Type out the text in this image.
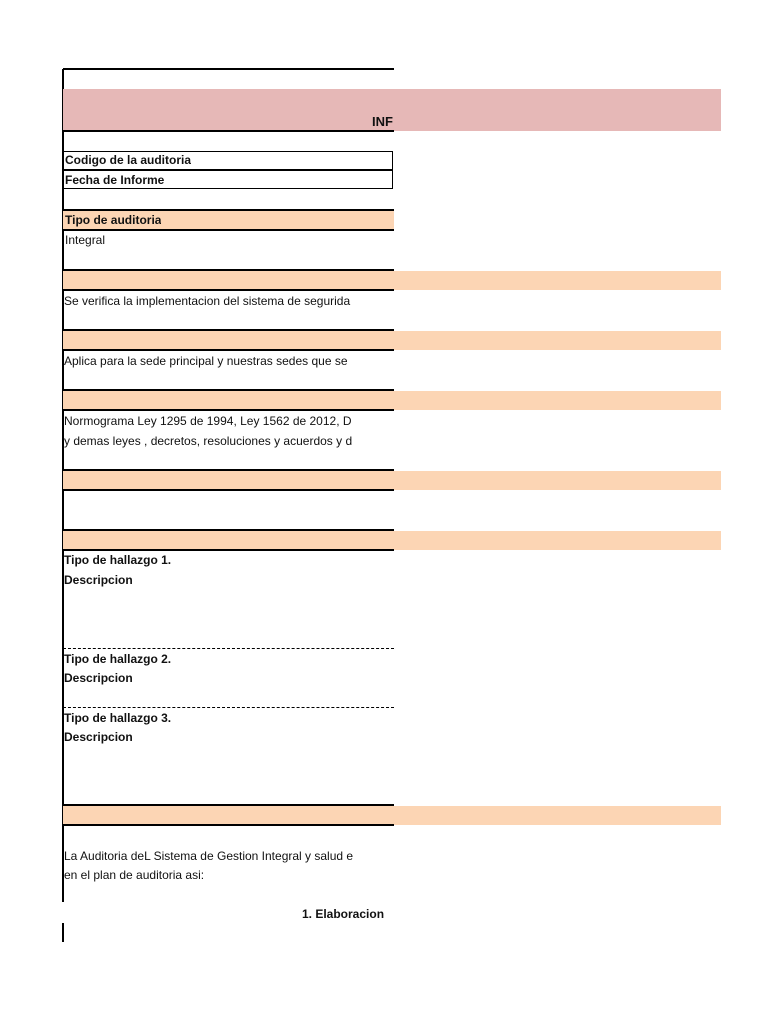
INF
Codigo de la auditoria
Fecha de Informe
Tipo de auditoria
Integral
Se verifica la implementacion del sistema de segurida
Aplica para la sede principal y nuestras sedes que se
Normograma Ley 1295 de 1994, Ley 1562 de 2012, D
y demas leyes , decretos, resoluciones y acuerdos y d
Tipo de hallazgo 1.
Descripcion
Tipo de hallazgo 2.
Descripcion
Tipo de hallazgo 3.
Descripcion
La Auditoria deL Sistema de Gestion Integral y salud e
en el plan de auditoria asi:
1. Elaboracion
